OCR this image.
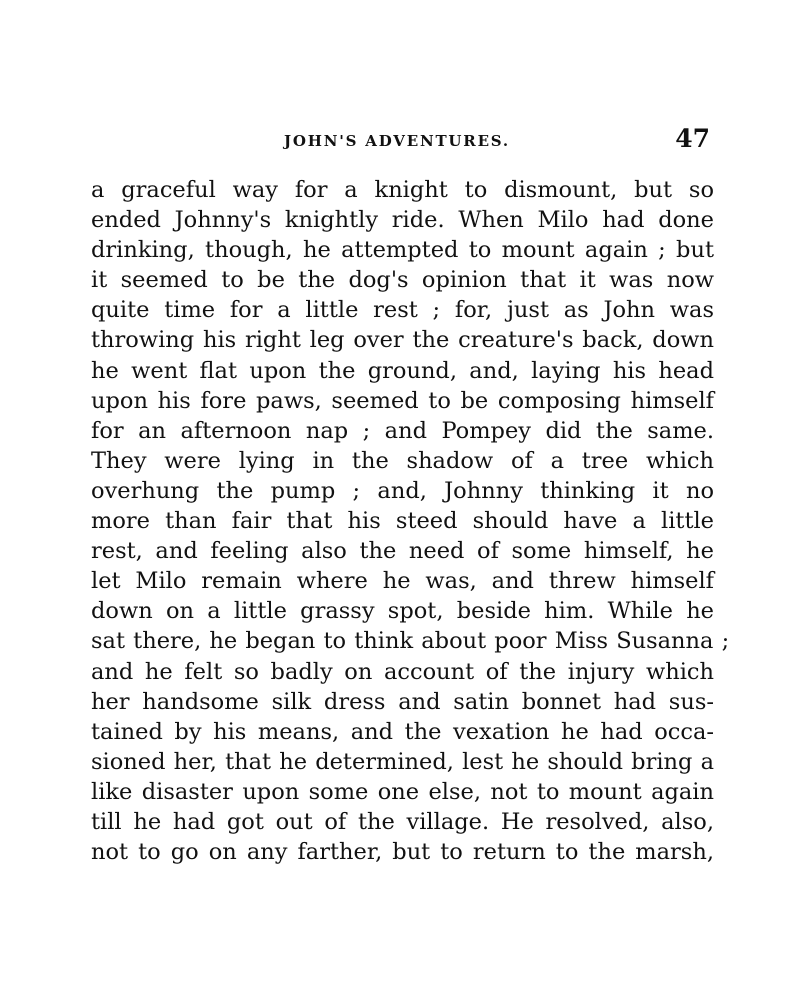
JOHN'S ADVENTURES.	47
a graceful way for a knight to dismount, but so
ended Johnny's knightly ride. When Milo had done
drinking, though, he attempted to mount again ; but
it seemed to be the dog's opinion that it was now
quite time for a little rest ; for, just as John was
throwing his right leg over the creature's back, down
he went flat upon the ground, and, laying his head
upon his fore paws, seemed to be composing himself
for an afternoon nap ; and Pompey did the same.
They were lying in the shadow of a tree which
overhung the pump ; and, Johnny thinking it no
more than fair that his steed should have a little
rest, and feeling also the need of some himself, he
let Milo remain where he was, and threw himself
down on a little grassy spot, beside him. While he
sat there, he began to think about poor Miss Susanna ;
and he felt so badly on account of the injury which
her handsome silk dress and satin bonnet had sus-
tained by his means, and the vexation he had occa-
sioned her, that he determined, lest he should bring a
like disaster upon some one else, not to mount again
till he had got out of the village. He resolved, also,
not to go on any farther, but to return to the marsh,
